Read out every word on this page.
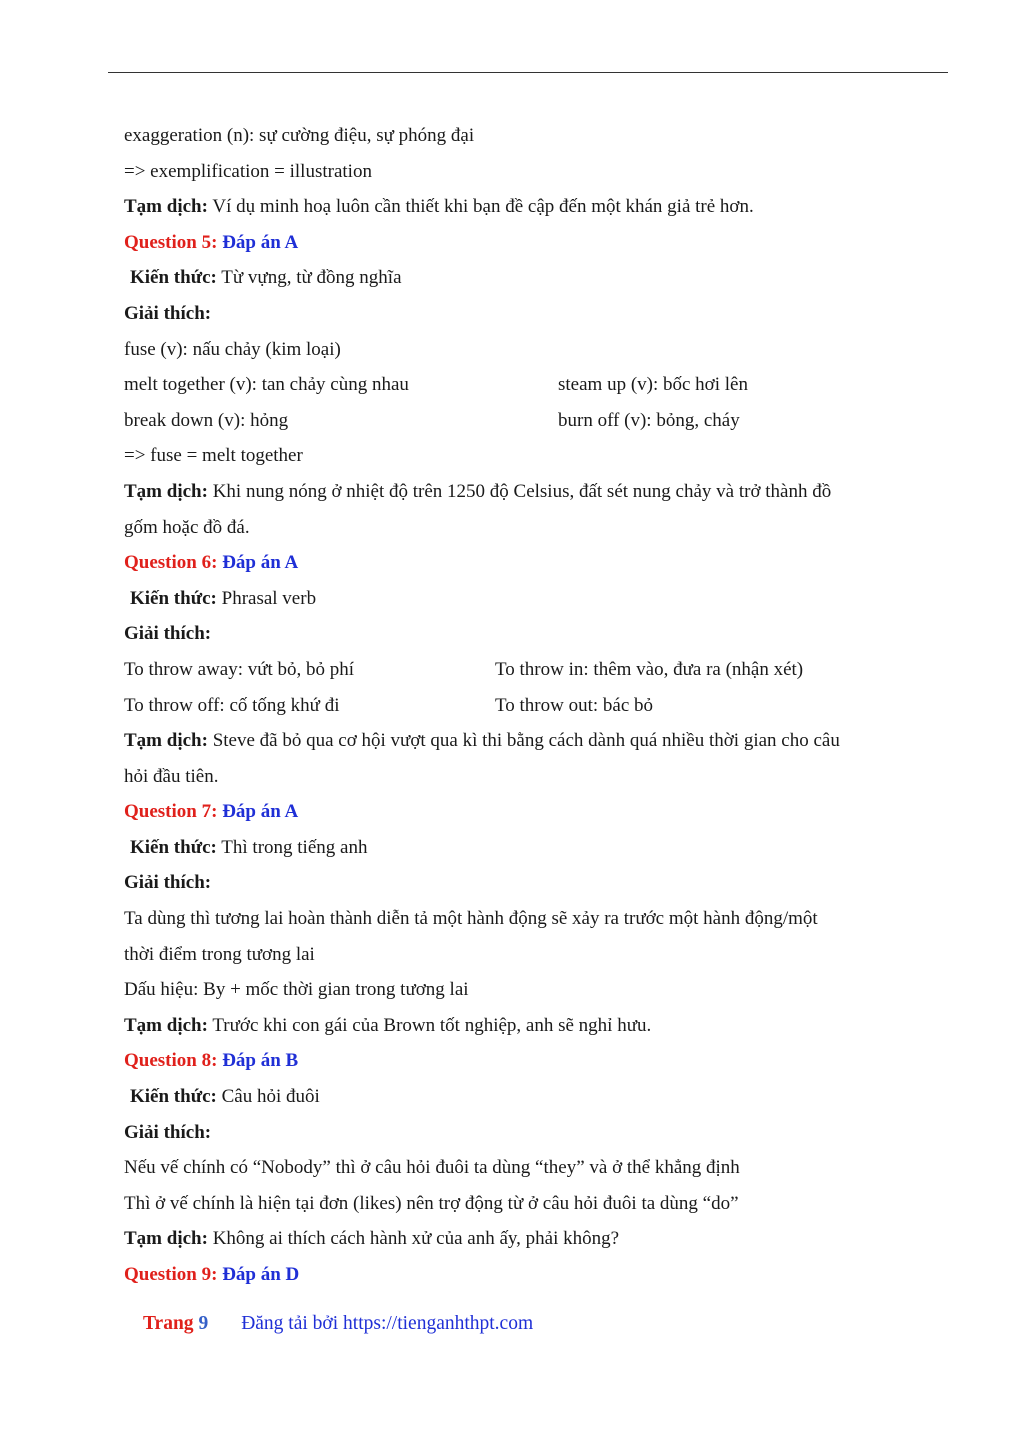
exaggeration (n): sự cường điệu, sự phóng đại
=> exemplification = illustration
Tạm dịch: Ví dụ minh hoạ luôn cần thiết khi bạn đề cập đến một khán giả trẻ hơn.
Question 5: Đáp án A
Kiến thức: Từ vựng, từ đồng nghĩa
Giải thích:
fuse (v): nấu chảy (kim loại)
melt together (v): tan chảy cùng nhau	steam up (v): bốc hơi lên
break down (v): hỏng	burn off (v): bỏng, cháy
=> fuse = melt together
Tạm dịch: Khi nung nóng ở nhiệt độ trên 1250 độ Celsius, đất sét nung chảy và trở thành đồ
gốm hoặc đồ đá.
Question 6: Đáp án A
Kiến thức: Phrasal verb
Giải thích:
To throw away: vứt bỏ, bỏ phí	To throw in: thêm vào, đưa ra (nhận xét)
To throw off: cố tống khứ đi	To throw out: bác bỏ
Tạm dịch: Steve đã bỏ qua cơ hội vượt qua kì thi bằng cách dành quá nhiều thời gian cho câu
hỏi đầu tiên.
Question 7: Đáp án A
Kiến thức: Thì trong tiếng anh
Giải thích:
Ta dùng thì tương lai hoàn thành diễn tả một hành động sẽ xảy ra trước một hành động/một
thời điểm trong tương lai
Dấu hiệu: By + mốc thời gian trong tương lai
Tạm dịch: Trước khi con gái của Brown tốt nghiệp, anh sẽ nghỉ hưu.
Question 8: Đáp án B
Kiến thức: Câu hỏi đuôi
Giải thích:
Nếu vế chính có “Nobody” thì ở câu hỏi đuôi ta dùng “they” và ở thể khẳng định
Thì ở vế chính là hiện tại đơn (likes) nên trợ động từ ở câu hỏi đuôi ta dùng “do”
Tạm dịch: Không ai thích cách hành xử của anh ấy, phải không?
Question 9: Đáp án D
Trang 9 Đăng tải bởi https://tienganhthpt.com
